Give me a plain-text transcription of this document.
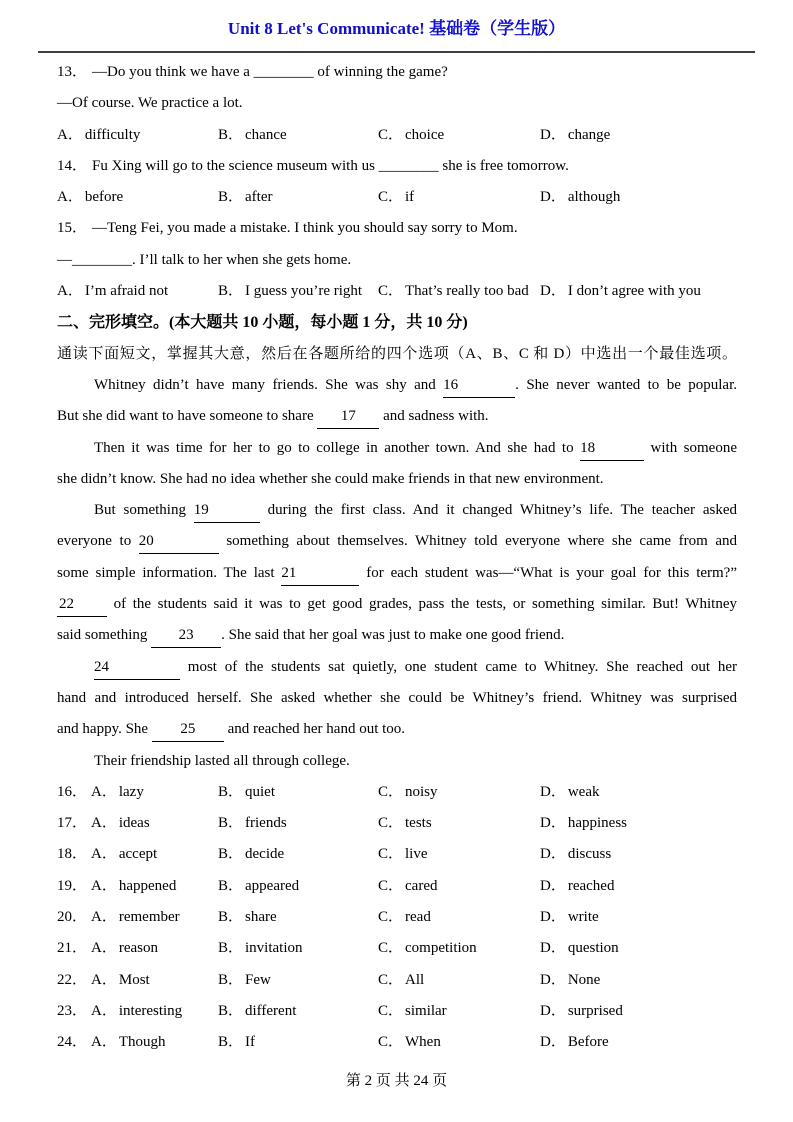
Unit 8 Let's Communicate! 基础卷（学生版）
13． —Do you think we have a ________ of winning the game?
—Of course. We practice a lot.
A． difficulty	B． chance	C． choice	D． change
14． Fu Xing will go to the science museum with us ________ she is free tomorrow.
A． before	B． after	C． if	D． although
15． —Teng Fei, you made a mistake. I think you should say sorry to Mom.
—________. I’ll talk to her when she gets home.
A． I’m afraid not	B． I guess you’re right	C． That’s really too bad D． I don’t agree with you
二、完形填空。(本大题共 10 小题，每小题 1 分，共 10 分)
通读下面短文，掌握其大意，然后在各题所给的四个选项（A、B、C 和 D）中选出一个最佳选项。
Whitney didn’t have many friends. She was shy and 16	. She never wanted to be popular.
But she did want to have someone to share 17 and sadness with.
Then it was time for her to go to college in another town. And she had to 18	with someone
she didn’t know. She had no idea whether she could make friends in that new environment.
But something 19	during the first class. And it changed Whitney’s life. The teacher asked
everyone to 20	something about themselves. Whitney told everyone where she came from and
some simple information. The last 21	for each student was—“What is your goal for this term?”
22 of the students said it was to get good grades, pass the tests, or something similar. But! Whitney
said something 23 . She said that her goal was just to make one good friend.
24	most of the students sat quietly, one student came to Whitney. She reached out her
hand and introduced herself. She asked whether she could be Whitney’s friend. Whitney was surprised
and happy. She 25 and reached her hand out too.
Their friendship lasted all through college.
16． A． lazy	B． quiet	C． noisy	D． weak
17． A． ideas	B． friends	C． tests	D． happiness
18． A． accept	B． decide	C． live	D． discuss
19． A． happened	B． appeared	C． cared	D． reached
20． A． remember	B． share	C． read	D． write
21． A． reason	B． invitation	C． competition	D． question
22． A． Most	B． Few	C． All	D． None
23． A． interesting	B． different	C． similar	D． surprised
24． A． Though	B． If	C． When	D． Before
第 2 页 共 24 页
